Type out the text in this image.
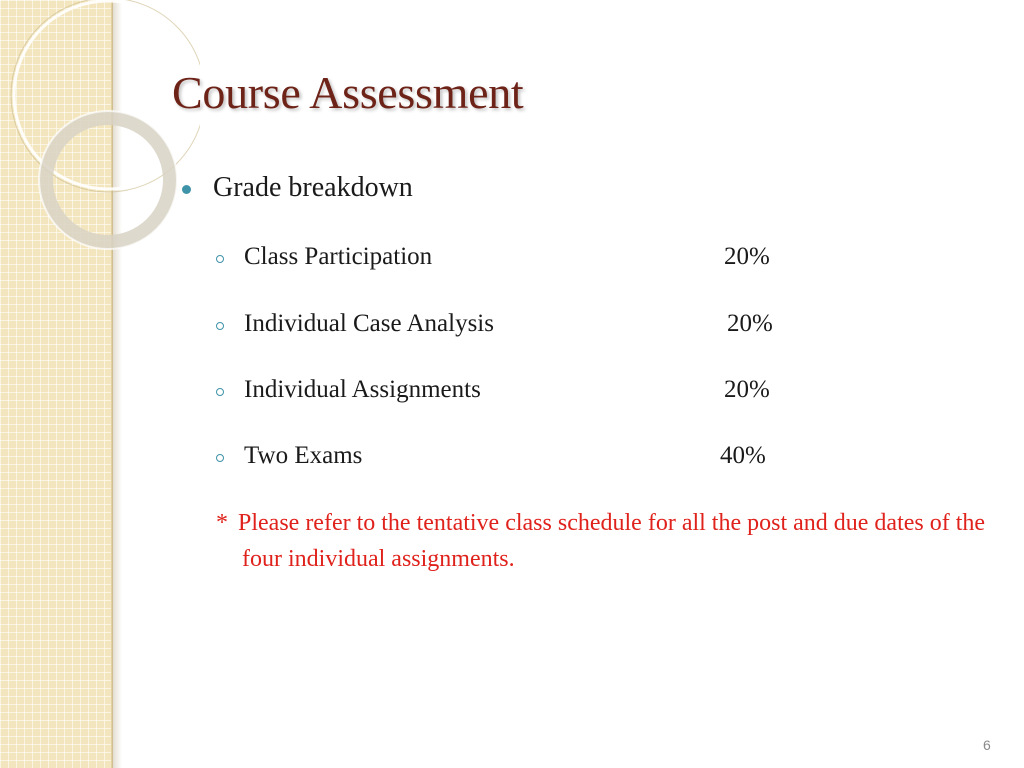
Course Assessment
Grade breakdown
Class Participation	20%
Individual Case Analysis	20%
Individual Assignments	20%
Two Exams	40%
* Please refer to the tentative class schedule for all the post and due dates of the four individual assignments.
6
